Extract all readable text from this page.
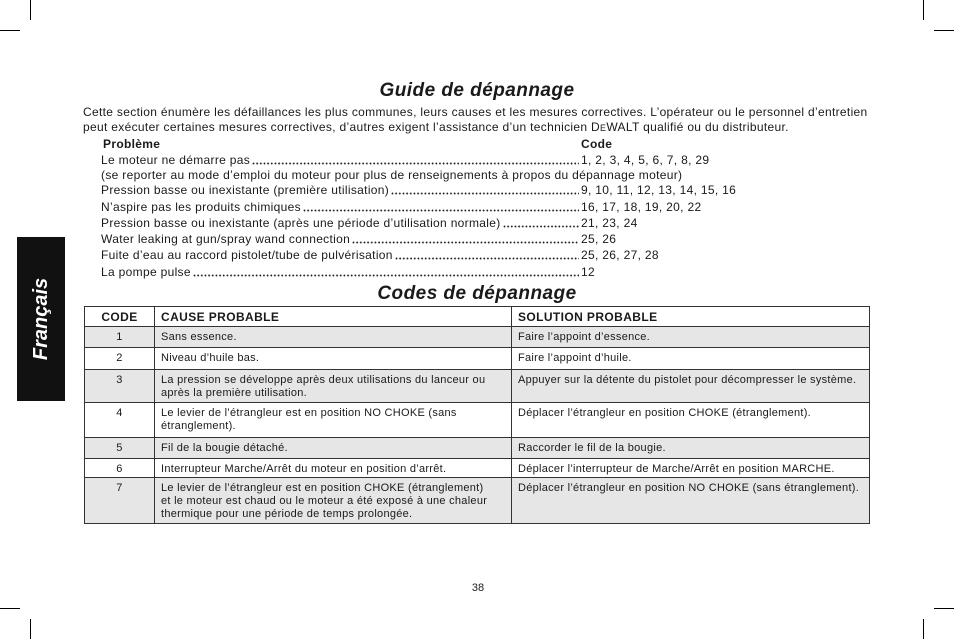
Français
Guide de dépannage

Cette section énumère les défaillances les plus communes, leurs causes et les mesures correctives. L’opérateur ou le personnel d’entretien
peut exécuter certaines mesures correctives, d’autres exigent l’assistance d’un technicien DEWALT qualifié ou du distributeur.

Problème	Code
Le moteur ne démarre pas	1, 2, 3, 4, 5, 6, 7, 8, 29
(se reporter au mode d’emploi du moteur pour plus de renseignements à propos du dépannage moteur)
Pression basse ou inexistante (première utilisation)	9, 10, 11, 12, 13, 14, 15, 16
N’aspire pas les produits chimiques	16, 17, 18, 19, 20, 22
Pression basse ou inexistante (après une période d’utilisation normale)	21, 23, 24
Water leaking at gun/spray wand connection	25, 26
Fuite d’eau au raccord pistolet/tube de pulvérisation	25, 26, 27, 28
La pompe pulse	12
Codes de dépannage
CODE	CAUSE PROBABLE	SOLUTION PROBABLE
1	Sans essence.	Faire l’appoint d’essence.
2	Niveau d’huile bas.	Faire l’appoint d’huile.
3	La pression se développe après deux utilisations du lanceur ou
après la première utilisation.	Appuyer sur la détente du pistolet pour décompresser le système.
4	Le levier de l’étrangleur est en position NO CHOKE (sans
étranglement).	Déplacer l’étrangleur en position CHOKE (étranglement).
5	Fil de la bougie détaché.	Raccorder le fil de la bougie.
6	Interrupteur Marche/Arrêt du moteur en position d’arrêt.	Déplacer l’interrupteur de Marche/Arrêt en position MARCHE.
7	Le levier de l’étrangleur est en position CHOKE (étranglement)
et le moteur est chaud ou le moteur a été exposé à une chaleur
thermique pour une période de temps prolongée.	Déplacer l’étrangleur en position NO CHOKE (sans étranglement).
38
